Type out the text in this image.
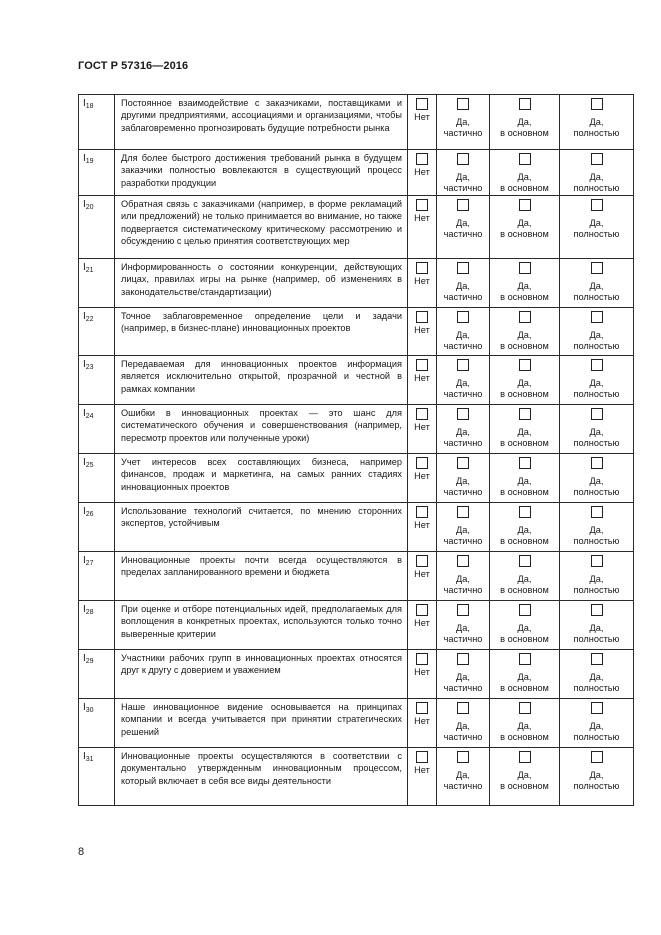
ГОСТ Р 57316—2016
$I_{18}$	Постоянное взаимодействие с заказчиками, поставщиками и другими предприятиями, ассоциациями и организациями, чтобы заблаговременно прогнозировать будущие потребности рынка	Нет	Да,
частично	Да,
в основном	Да,
полностью
$I_{19}$	Для более быстрого достижения требований рынка в будущем заказчики полностью вовлекаются в существующий процесс разработки продукции	Нет	Да,
частично	Да,
в основном	Да,
полностью
$I_{20}$	Обратная связь с заказчиками (например, в форме рекламаций или предложений) не только принимается во внимание, но также подвергается систематическому критическому рассмотрению и обсуждению с целью принятия соответствующих мер	Нет	Да,
частично	Да,
в основном	Да,
полностью
$I_{21}$	Информированность о состоянии конкуренции, действующих лицах, правилах игры на рынке (например, об изменениях в законодательстве/стандартизации)	Нет	Да,
частично	Да,
в основном	Да,
полностью
$I_{22}$	Точное заблаговременное определение цели и задачи (например, в бизнес-плане) инновационных проектов	Нет	Да,
частично	Да,
в основном	Да,
полностью
$I_{23}$	Передаваемая для инновационных проектов информация является исключительно открытой, прозрачной и честной в рамках компании	Нет	Да,
частично	Да,
в основном	Да,
полностью
$I_{24}$	Ошибки в инновационных проектах — это шанс для систематического обучения и совершенствования (например, пересмотр проектов или полученные уроки)	Нет	Да,
частично	Да,
в основном	Да,
полностью
$I_{25}$	Учет интересов всех составляющих бизнеса, например финансов, продаж и маркетинга, на самых ранних стадиях инновационных проектов	Нет	Да,
частично	Да,
в основном	Да,
полностью
$I_{26}$	Использование технологий считается, по мнению сторонних экспертов, устойчивым	Нет	Да,
частично	Да,
в основном	Да,
полностью
$I_{27}$	Инновационные проекты почти всегда осуществляются в пределах запланированного времени и бюджета	Нет	Да,
частично	Да,
в основном	Да,
полностью
$I_{28}$	При оценке и отборе потенциальных идей, предполагаемых для воплощения в конкретных проектах, используются только точно выверенные критерии	Нет	Да,
частично	Да,
в основном	Да,
полностью
$I_{29}$	Участники рабочих групп в инновационных проектах относятся друг к другу с доверием и уважением	Нет	Да,
частично	Да,
в основном	Да,
полностью
$I_{30}$	Наше инновационное видение основывается на принципах компании и всегда учитывается при принятии стратегических решений	Нет	Да,
частично	Да,
в основном	Да,
полностью
$I_{31}$	Инновационные проекты осуществляются в соответствии с документально утвержденным инновационным процессом, который включает в себя все виды деятельности	Нет	Да,
частично	Да,
в основном	Да,
полностью
8
